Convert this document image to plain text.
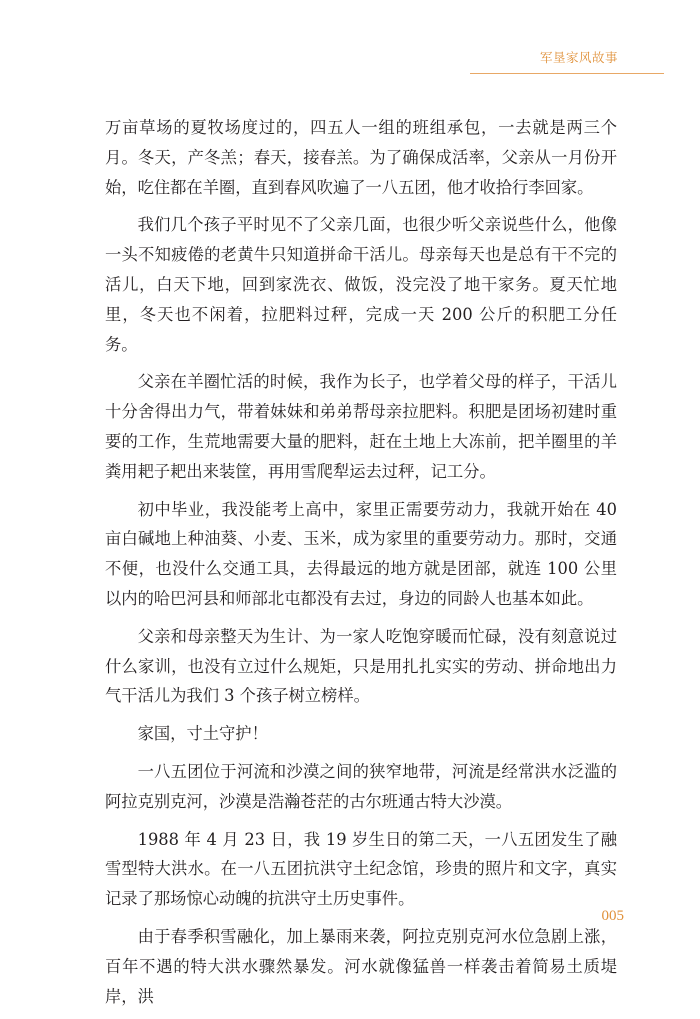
军垦家风故事

万亩草场的夏牧场度过的，四五人一组的班组承包，一去就是两三个月。冬天，产冬羔；春天，接春羔。为了确保成活率，父亲从一月份开始，吃住都在羊圈，直到春风吹遍了一八五团，他才收拾行李回家。

我们几个孩子平时见不了父亲几面，也很少听父亲说些什么，他像一头不知疲倦的老黄牛只知道拼命干活儿。母亲每天也是总有干不完的活儿，白天下地，回到家洗衣、做饭，没完没了地干家务。夏天忙地里，冬天也不闲着，拉肥料过秤，完成一天 200 公斤的积肥工分任务。

父亲在羊圈忙活的时候，我作为长子，也学着父母的样子，干活儿十分舍得出力气，带着妹妹和弟弟帮母亲拉肥料。积肥是团场初建时重要的工作，生荒地需要大量的肥料，赶在土地上大冻前，把羊圈里的羊粪用耙子耙出来装筐，再用雪爬犁运去过秤，记工分。

初中毕业，我没能考上高中，家里正需要劳动力，我就开始在 40 亩白碱地上种油葵、小麦、玉米，成为家里的重要劳动力。那时，交通不便，也没什么交通工具，去得最远的地方就是团部，就连 100 公里以内的哈巴河县和师部北屯都没有去过，身边的同龄人也基本如此。

父亲和母亲整天为生计、为一家人吃饱穿暖而忙碌，没有刻意说过什么家训，也没有立过什么规矩，只是用扎扎实实的劳动、拼命地出力气干活儿为我们 3 个孩子树立榜样。

家国，寸土守护！

一八五团位于河流和沙漠之间的狭窄地带，河流是经常洪水泛滥的阿拉克别克河，沙漠是浩瀚苍茫的古尔班通古特大沙漠。

1988 年 4 月 23 日，我 19 岁生日的第二天，一八五团发生了融雪型特大洪水。在一八五团抗洪守土纪念馆，珍贵的照片和文字，真实记录了那场惊心动魄的抗洪守土历史事件。

由于春季积雪融化，加上暴雨来袭，阿拉克别克河水位急剧上涨，百年不遇的特大洪水骤然暴发。河水就像猛兽一样袭击着简易土质堤岸，洪

005
